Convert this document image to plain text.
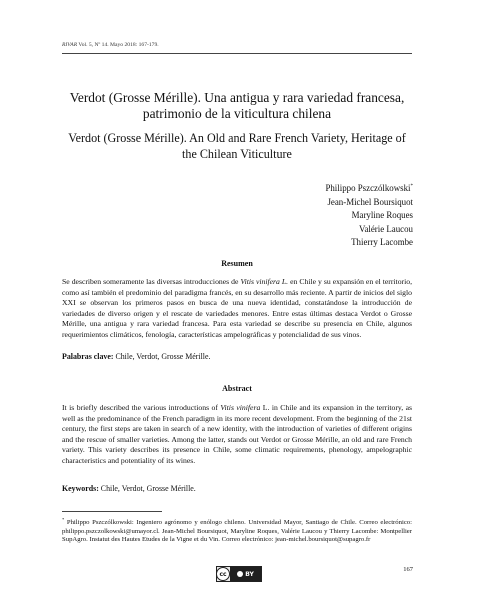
RIVAR Vol. 5, Nº 14. Mayo 2018: 167-179.
Verdot (Grosse Mérille). Una antigua y rara variedad francesa, patrimonio de la viticultura chilena
Verdot (Grosse Mérille). An Old and Rare French Variety, Heritage of the Chilean Viticulture
Philippo Pszczólkowski*
Jean-Michel Boursiquot
Maryline Roques
Valérie Laucou
Thierry Lacombe
Resumen

Se describen someramente las diversas introducciones de Vitis vinifera L. en Chile y su expansión en el territorio, como así también el predominio del paradigma francés, en su desarrollo más reciente. A partir de inicios del siglo XXI se observan los primeros pasos en busca de una nueva identidad, constatándose la introducción de variedades de diverso origen y el rescate de variedades menores. Entre estas últimas destaca Verdot o Grosse Mérille, una antigua y rara variedad francesa. Para esta variedad se describe su presencia en Chile, algunos requerimientos climáticos, fenología, características ampelográficas y potencialidad de sus vinos.

Palabras clave: Chile, Verdot, Grosse Mérille.
Abstract

It is briefly described the various introductions of Vitis vinifera L. in Chile and its expansion in the territory, as well as the predominance of the French paradigm in its more recent development. From the beginning of the 21st century, the first steps are taken in search of a new identity, with the introduction of varieties of different origins and the rescue of smaller varieties. Among the latter, stands out Verdot or Grosse Mérille, an old and rare French variety. This variety describes its presence in Chile, some climatic requirements, phenology, ampelographic characteristics and potentiality of its wines.

Keywords: Chile, Verdot, Grosse Mérille.

* Philippo Pszczólkowski: Ingeniero agrónomo y enólogo chileno. Universidad Mayor, Santiago de Chile. Correo electrónico: philippo.pszczolkowski@umayor.cl. Jean-Michel Boursiquot, Maryline Roques, Valérie Laucou y Thierry Lacombe: Montpellier SupAgro. Instatut des Hautes Etudes de la Vigne et du Vin. Correo electrónico: jean-michel.boursiquot@supagro.fr

cc	BY
167
